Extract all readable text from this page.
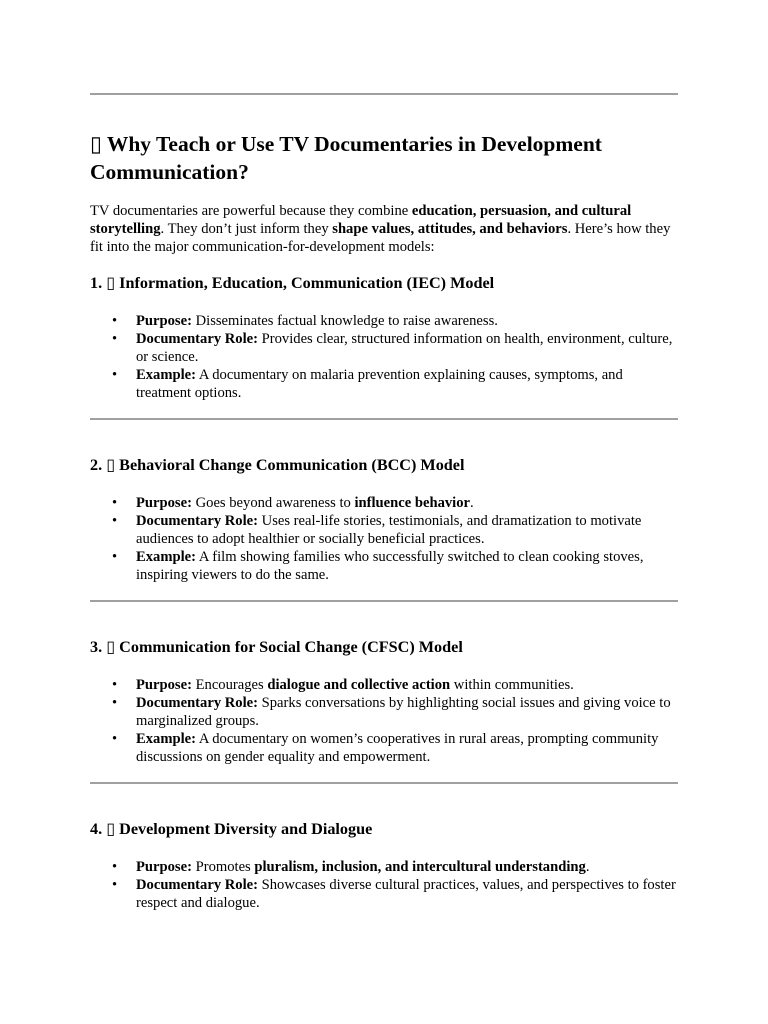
▯ Why Teach or Use TV Documentaries in Development Communication?

TV documentaries are powerful because they combine education, persuasion, and cultural storytelling. They don’t just inform they shape values, attitudes, and behaviors. Here’s how they fit into the major communication-for-development models:

1. ▯ Information, Education, Communication (IEC) Model
• Purpose: Disseminates factual knowledge to raise awareness.
• Documentary Role: Provides clear, structured information on health, environment, culture, or science.
• Example: A documentary on malaria prevention explaining causes, symptoms, and treatment options.
2. ▯ Behavioral Change Communication (BCC) Model
• Purpose: Goes beyond awareness to influence behavior.
• Documentary Role: Uses real-life stories, testimonials, and dramatization to motivate audiences to adopt healthier or socially beneficial practices.
• Example: A film showing families who successfully switched to clean cooking stoves, inspiring viewers to do the same.
3. ▯ Communication for Social Change (CFSC) Model
• Purpose: Encourages dialogue and collective action within communities.
• Documentary Role: Sparks conversations by highlighting social issues and giving voice to marginalized groups.
• Example: A documentary on women’s cooperatives in rural areas, prompting community discussions on gender equality and empowerment.
4. ▯ Development Diversity and Dialogue
• Purpose: Promotes pluralism, inclusion, and intercultural understanding.
• Documentary Role: Showcases diverse cultural practices, values, and perspectives to foster respect and dialogue.
